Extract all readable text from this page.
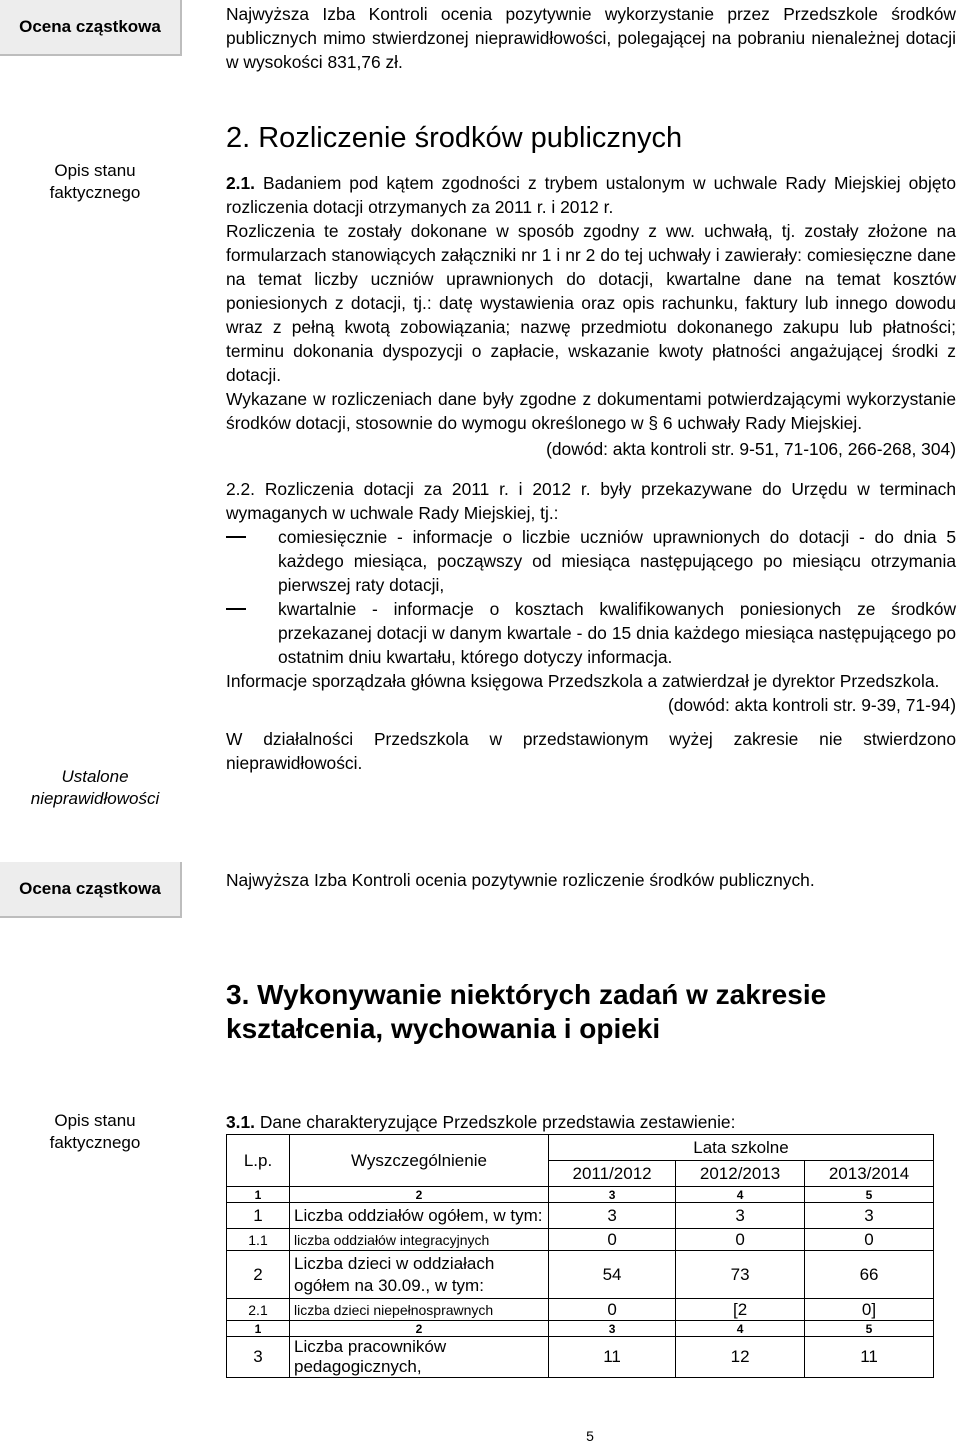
Ocena cząstkowa

Najwyższa Izba Kontroli ocenia pozytywnie wykorzystanie przez Przedszkole środków publicznych mimo stwierdzonej nieprawidłowości, polegającej na pobraniu nienależnej dotacji w wysokości 831,76 zł.

Opis stanu faktycznego
Ustalone nieprawidłowości
2. Rozliczenie środków publicznych

2.1. Badaniem pod kątem zgodności z trybem ustalonym w uchwale Rady Miejskiej objęto rozliczenia dotacji otrzymanych za 2011 r. i 2012 r.

Rozliczenia te zostały dokonane w sposób zgodny z ww. uchwałą, tj. zostały złożone na formularzach stanowiących załączniki nr 1 i nr 2 do tej uchwały i zawierały: comiesięczne dane na temat liczby uczniów uprawnionych do dotacji, kwartalne dane na temat kosztów poniesionych z dotacji, tj.: datę wystawienia oraz opis rachunku, faktury lub innego dowodu wraz z pełną kwotą zobowiązania; nazwę przedmiotu dokonanego zakupu lub płatności; terminu dokonania dyspozycji o zapłacie, wskazanie kwoty płatności angażującej środki z dotacji.

Wykazane w rozliczeniach dane były zgodne z dokumentami potwierdzającymi wykorzystanie środków dotacji, stosownie do wymogu określonego w § 6 uchwały Rady Miejskiej.

(dowód: akta kontroli str. 9-51, 71-106, 266-268, 304)

2.2. Rozliczenia dotacji za 2011 r. i 2012 r. były przekazywane do Urzędu w terminach wymaganych w uchwale Rady Miejskiej, tj.:

comiesięcznie - informacje o liczbie uczniów uprawnionych do dotacji - do dnia 5 każdego miesiąca, począwszy od miesiąca następującego po miesiącu otrzymania pierwszej raty dotacji,

kwartalnie - informacje o kosztach kwalifikowanych poniesionych ze środków przekazanej dotacji w danym kwartale - do 15 dnia każdego miesiąca następującego po ostatnim dniu kwartału, którego dotyczy informacja.

Informacje sporządzała główna księgowa Przedszkola a zatwierdzał je dyrektor Przedszkola.

(dowód: akta kontroli str. 9-39, 71-94)

W działalności Przedszkola w przedstawionym wyżej zakresie nie stwierdzono nieprawidłowości.

Ocena cząstkowa	Najwyższa Izba Kontroli ocenia pozytywnie rozliczenie środków publicznych.
3. Wykonywanie niektórych zadań w zakresie kształcenia, wychowania i opieki
Opis stanu faktycznego

3.1. Dane charakteryzujące Przedszkole przedstawia zestawienie:

L.p.	Wyszczególnienie	Lata szkolne		
		2011/2012	2012/2013	2013/2014
1	2	3	4	5
1	Liczba oddziałów ogółem, w tym:	3	3	3
1.1	liczba oddziałów integracyjnych	0	0	0
2	Liczba dzieci w oddziałach ogółem na 30.09., w tym:	54	73	66
2.1	liczba dzieci niepełnosprawnych	0	[2	0]
1	2	3	4	5
3	Liczba pracowników pedagogicznych,	11	12	11
5
